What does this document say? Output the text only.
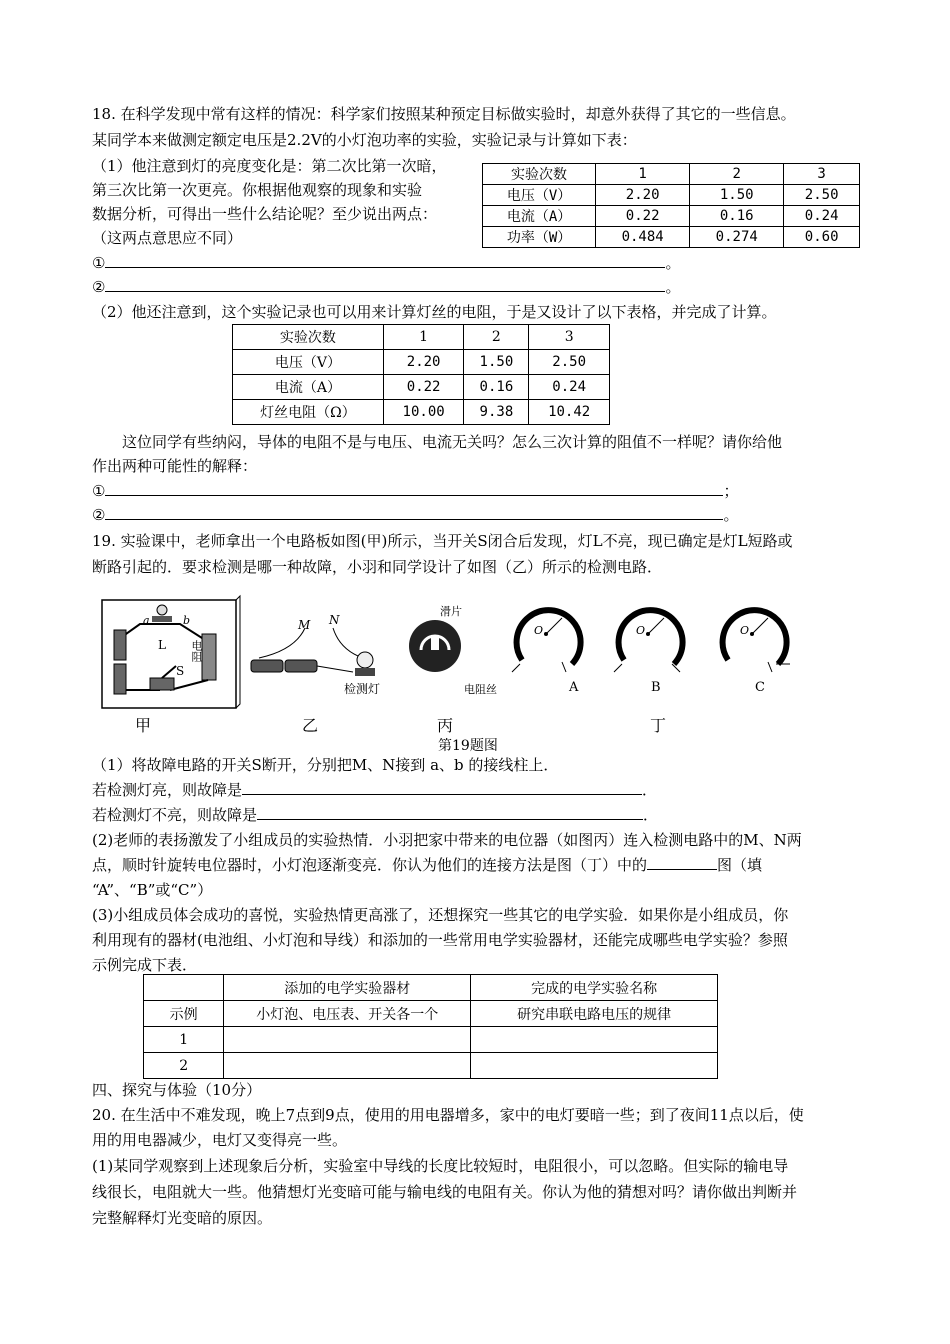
18. 在科学发现中常有这样的情况：科学家们按照某种预定目标做实验时，却意外获得了其它的一些信息。
某同学本来做测定额定电压是2.2V的小灯泡功率的实验，实验记录与计算如下表：
（1）他注意到灯的亮度变化是：第二次比第一次暗，
第三次比第一次更亮。你根据他观察的现象和实验
数据分析，可得出一些什么结论呢？至少说出两点：
（这两点意思应不同）
实验次数	1	2	3
电压（V）	2.20	1.50	2.50
电流（A）	0.22	0.16	0.24
功率（W）	0.484	0.274	0.60
①	。
②	。
（2）他还注意到，这个实验记录也可以用来计算灯丝的电阻，于是又设计了以下表格，并完成了计算。
实验次数	1	2	3
电压（V）	2.20	1.50	2.50
电流（A）	0.22	0.16	0.24
灯丝电阻（Ω）	10.00	9.38	10.42
这位同学有些纳闷，导体的电阻不是与电压、电流无关吗？怎么三次计算的阻值不一样呢？请你给他
作出两种可能性的解释：
①	；
②	。
19. 实验课中，老师拿出一个电路板如图(甲)所示，当开关S闭合后发现，灯L不亮，现已确定是灯L短路或
断路引起的．要求检测是哪一种故障，小羽和同学设计了如图（乙）所示的检测电路．
a	b
L
S
电阻
M N
检测灯
滑片
电阻丝
O	O	O
A	B	C
甲	乙	丙	丁
第19题图
（1）将故障电路的开关S断开，分别把M、N接到 a、b 的接线柱上．
若检测灯亮，则故障是	．
若检测灯不亮，则故障是	．
(2)老师的表扬激发了小组成员的实验热情．小羽把家中带来的电位器（如图丙）连入检测电路中的M、N两
点，顺时针旋转电位器时，小灯泡逐渐变亮．你认为他们的连接方法是图（丁）中的	图（填
“A”、“B”或“C”）
(3)小组成员体会成功的喜悦，实验热情更高涨了，还想探究一些其它的电学实验．如果你是小组成员，你
利用现有的器材(电池组、小灯泡和导线）和添加的一些常用电学实验器材，还能完成哪些电学实验？参照
示例完成下表．
	添加的电学实验器材	完成的电学实验名称
示例	小灯泡、电压表、开关各一个	研究串联电路电压的规律
1		
2		
四、探究与体验（10分）
20. 在生活中不难发现，晚上7点到9点，使用的用电器增多，家中的电灯要暗一些；到了夜间11点以后，使
用的用电器减少，电灯又变得亮一些。
(1)某同学观察到上述现象后分析，实验室中导线的长度比较短时，电阻很小，可以忽略。但实际的输电导
线很长，电阻就大一些。他猜想灯光变暗可能与输电线的电阻有关。你认为他的猜想对吗？请你做出判断并
完整解释灯光变暗的原因。
